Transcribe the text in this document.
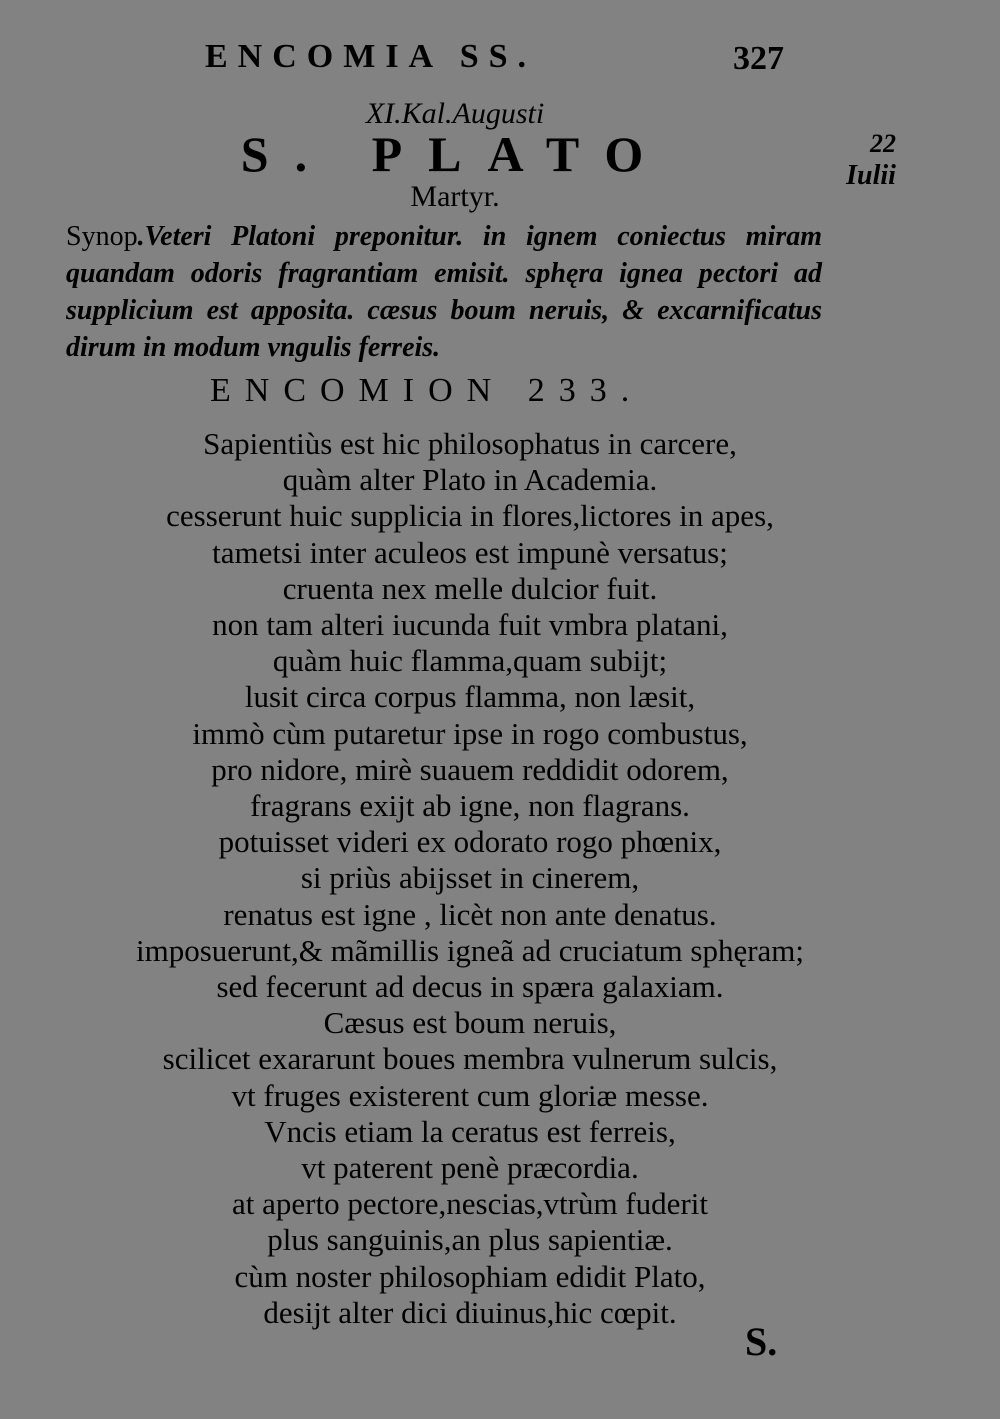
ENCOMIA SS.	327
XI.Kal.Augusti
S. PLATO
Martyr.
22
Iulii
Synop.Veteri Platoni preponitur. in ignem coniectus miram quandam odoris fragrantiam emisit. sphęra ignea pectori ad supplicium est apposita. cæsus boum neruis, & excarnificatus dirum in modum vngulis ferreis.
ENCOMION 233.
Sapientiùs est hic philosophatus in carcere,
quàm alter Plato in Academia.
cesserunt huic supplicia in flores,lictores in apes,
tametsi inter aculeos est impunè versatus;
cruenta nex melle dulcior fuit.
non tam alteri iucunda fuit vmbra platani,
quàm huic flamma,quam subijt;
lusit circa corpus flamma, non læsit,
immò cùm putaretur ipse in rogo combustus,
pro nidore, mirè suauem reddidit odorem,
fragrans exijt ab igne, non flagrans.
potuisset videri ex odorato rogo phœnix,
si priùs abijsset in cinerem,
renatus est igne , licèt non ante denatus.
imposuerunt,& mãmillis igneã ad cruciatum sphęram;
sed fecerunt ad decus in spæra galaxiam.
Cæsus est boum neruis,
scilicet exararunt boues membra vulnerum sulcis,
vt fruges existerent cum gloriæ messe.
Vncis etiam la ceratus est ferreis,
vt paterent penè præcordia.
at aperto pectore,nescias,vtrùm fuderit
plus sanguinis,an plus sapientiæ.
cùm noster philosophiam edidit Plato,
desijt alter dici diuinus,hic cœpit.
S.
